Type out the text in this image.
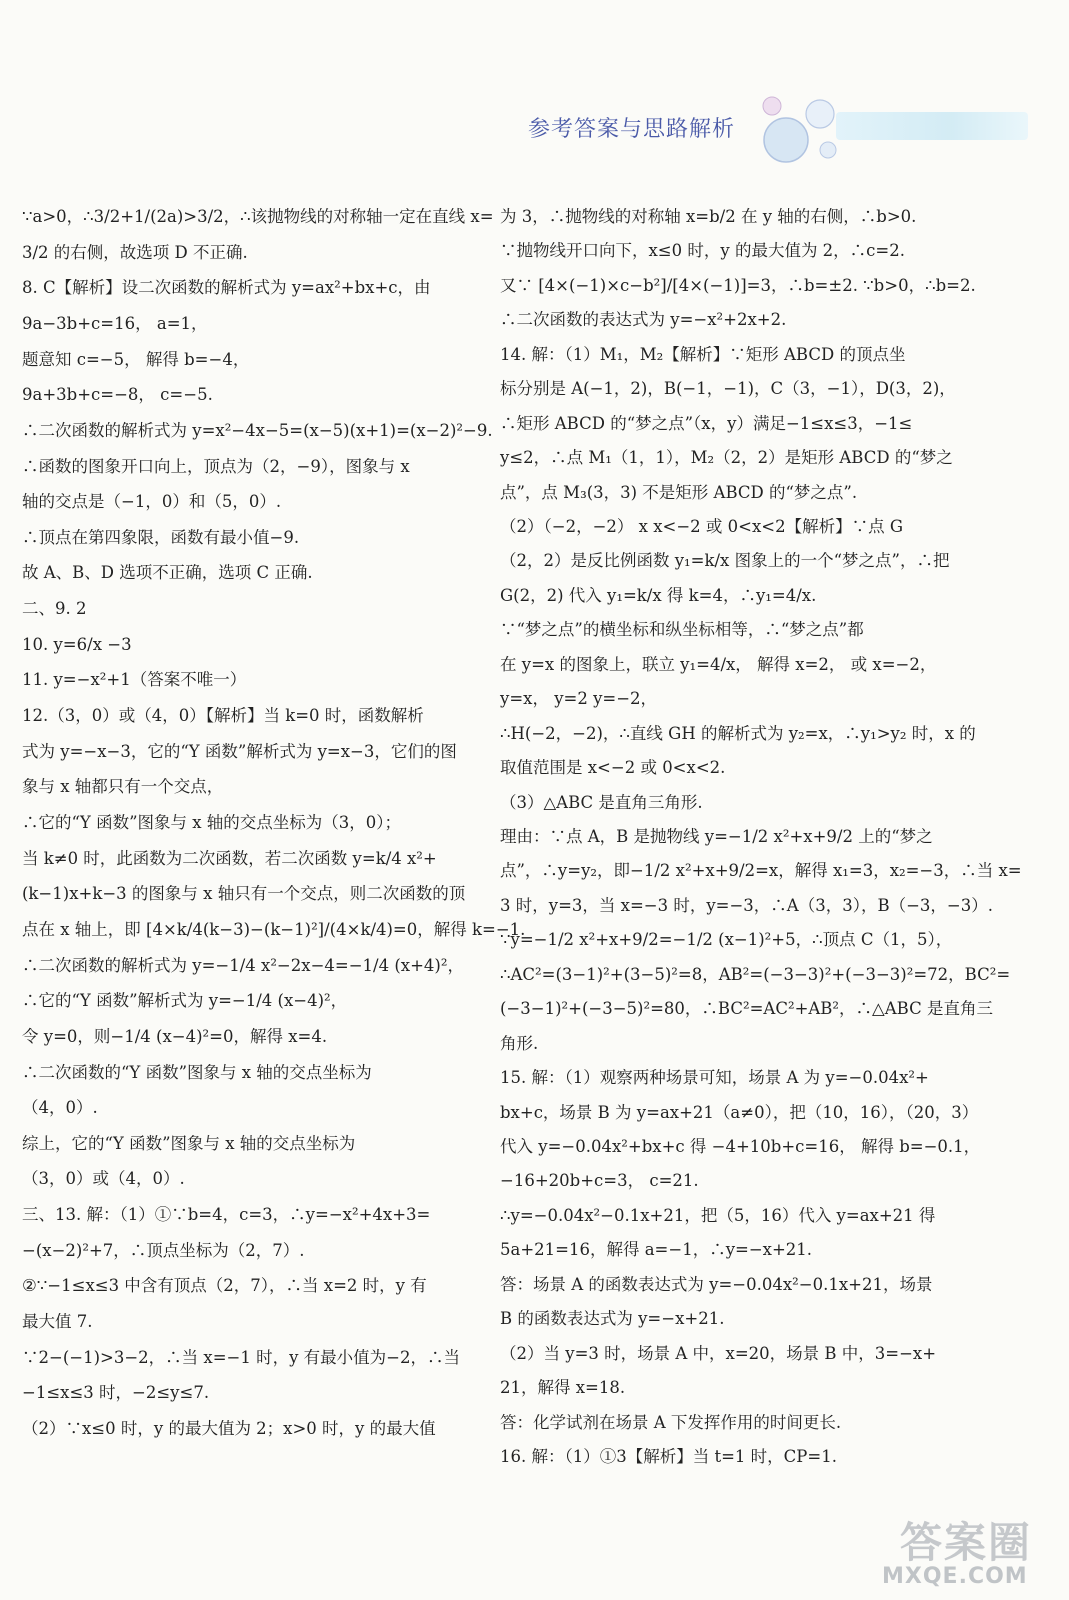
参考答案与思路解析
∵a>0，∴3/2+1/(2a)>3/2，∴该抛物线的对称轴一定在直线 x=
3/2 的右侧，故选项 D 不正确.
8. C【解析】设二次函数的解析式为 y=ax²+bx+c，由
9a−3b+c=16， a=1，
题意知 c=−5， 解得 b=−4，
9a+3b+c=−8， c=−5.
∴二次函数的解析式为 y=x²−4x−5=(x−5)(x+1)=(x−2)²−9.
∴函数的图象开口向上，顶点为（2，−9），图象与 x
轴的交点是（−1，0）和（5，0）.
∴顶点在第四象限，函数有最小值−9.
故 A、B、D 选项不正确，选项 C 正确.
二、9. 2
10. y=6/x −3
11. y=−x²+1（答案不唯一）
12.（3，0）或（4，0）【解析】当 k=0 时，函数解析
式为 y=−x−3，它的“Y 函数”解析式为 y=x−3，它们的图
象与 x 轴都只有一个交点，
∴它的“Y 函数”图象与 x 轴的交点坐标为（3，0）；
当 k≠0 时，此函数为二次函数，若二次函数 y=k/4 x²+
(k−1)x+k−3 的图象与 x 轴只有一个交点，则二次函数的顶
点在 x 轴上，即 [4×k/4(k−3)−(k−1)²]/(4×k/4)=0，解得 k=−1.
∴二次函数的解析式为 y=−1/4 x²−2x−4=−1/4 (x+4)²，
∴它的“Y 函数”解析式为 y=−1/4 (x−4)²，
令 y=0，则−1/4 (x−4)²=0，解得 x=4.
∴二次函数的“Y 函数”图象与 x 轴的交点坐标为
（4，0）.
综上，它的“Y 函数”图象与 x 轴的交点坐标为
（3，0）或（4，0）.
三、13. 解：（1）①∵b=4，c=3，∴y=−x²+4x+3=
−(x−2)²+7，∴顶点坐标为（2，7）.
②∵−1≤x≤3 中含有顶点（2，7），∴当 x=2 时，y 有
最大值 7.
∵2−(−1)>3−2，∴当 x=−1 时，y 有最小值为−2，∴当
−1≤x≤3 时，−2≤y≤7.
（2）∵x≤0 时，y 的最大值为 2；x>0 时，y 的最大值
为 3，∴抛物线的对称轴 x=b/2 在 y 轴的右侧，∴b>0.
∵抛物线开口向下，x≤0 时，y 的最大值为 2，∴c=2.
又∵ [4×(−1)×c−b²]/[4×(−1)]=3，∴b=±2. ∵b>0，∴b=2.
∴二次函数的表达式为 y=−x²+2x+2.
14. 解：（1）M₁，M₂【解析】∵矩形 ABCD 的顶点坐
标分别是 A(−1，2)，B(−1，−1)，C（3，−1），D(3，2)，
∴矩形 ABCD 的“梦之点”（x，y）满足−1≤x≤3，−1≤
y≤2，∴点 M₁（1，1），M₂（2，2）是矩形 ABCD 的“梦之
点”，点 M₃(3，3) 不是矩形 ABCD 的“梦之点”.
（2）（−2，−2） x x<−2 或 0<x<2【解析】∵点 G
（2，2）是反比例函数 y₁=k/x 图象上的一个“梦之点”，∴把
G(2，2) 代入 y₁=k/x 得 k=4，∴y₁=4/x.
∵“梦之点”的横坐标和纵坐标相等，∴“梦之点”都
在 y=x 的图象上，联立 y₁=4/x， 解得 x=2， 或 x=−2，
y=x， y=2 y=−2，
∴H(−2，−2)，∴直线 GH 的解析式为 y₂=x，∴y₁>y₂ 时，x 的
取值范围是 x<−2 或 0<x<2.
（3）△ABC 是直角三角形.
理由：∵点 A，B 是抛物线 y=−1/2 x²+x+9/2 上的“梦之
点”，∴y=y₂，即−1/2 x²+x+9/2=x，解得 x₁=3，x₂=−3，∴当 x=
3 时，y=3，当 x=−3 时，y=−3，∴A（3，3），B（−3，−3）.
∵y=−1/2 x²+x+9/2=−1/2 (x−1)²+5，∴顶点 C（1，5），
∴AC²=(3−1)²+(3−5)²=8，AB²=(−3−3)²+(−3−3)²=72，BC²=
(−3−1)²+(−3−5)²=80，∴BC²=AC²+AB²，∴△ABC 是直角三
角形.
15. 解：（1）观察两种场景可知，场景 A 为 y=−0.04x²+
bx+c，场景 B 为 y=ax+21（a≠0），把（10，16），（20，3）
代入 y=−0.04x²+bx+c 得 −4+10b+c=16， 解得 b=−0.1，
−16+20b+c=3， c=21.
∴y=−0.04x²−0.1x+21，把（5，16）代入 y=ax+21 得
5a+21=16，解得 a=−1，∴y=−x+21.
答：场景 A 的函数表达式为 y=−0.04x²−0.1x+21，场景
B 的函数表达式为 y=−x+21.
（2）当 y=3 时，场景 A 中，x=20，场景 B 中，3=−x+
21，解得 x=18.
答：化学试剂在场景 A 下发挥作用的时间更长.
16. 解：（1）①3【解析】当 t=1 时，CP=1.
答案圈
MXQE.COM
